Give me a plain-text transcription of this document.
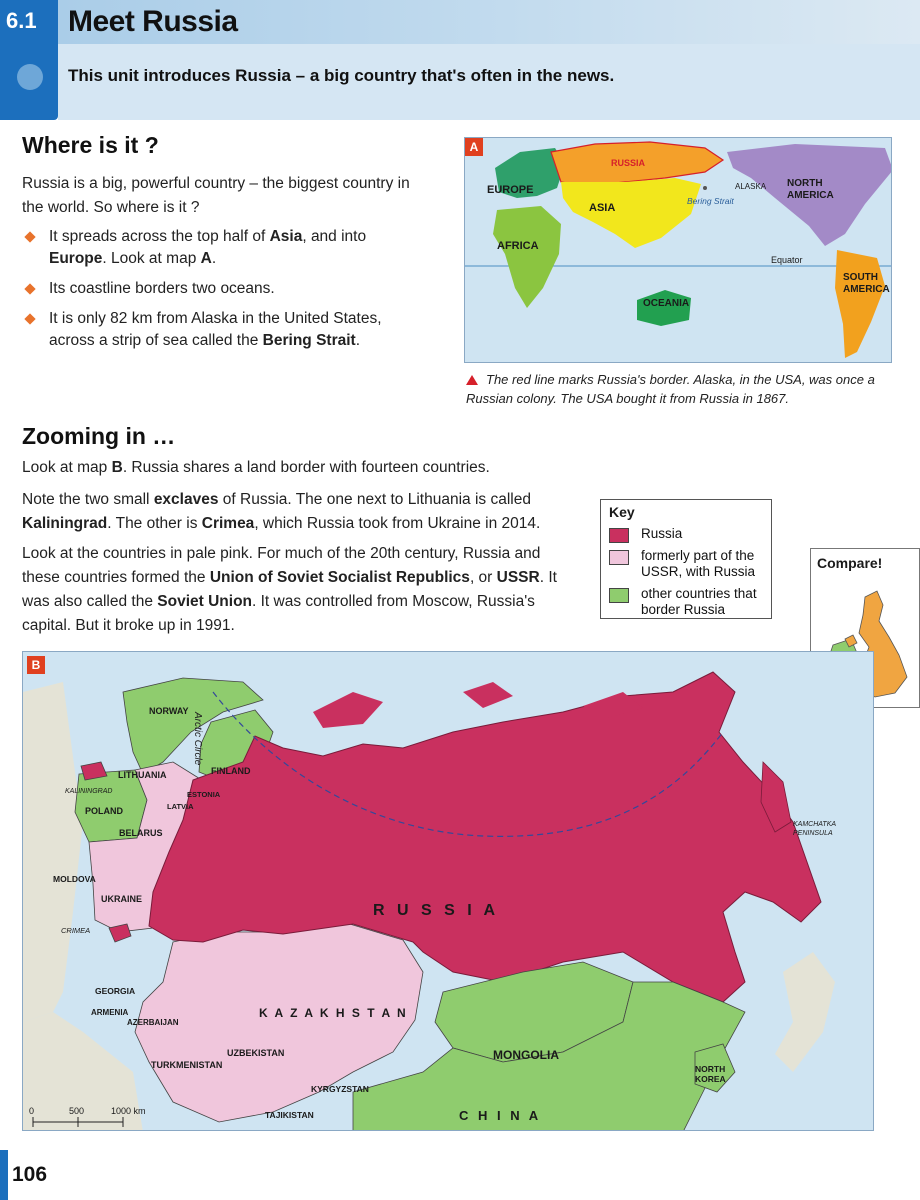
6.1 Meet Russia
This unit introduces Russia – a big country that's often in the news.
Where is it ?

Russia is a big, powerful country – the biggest country in the world. So where is it ?

It spreads across the top half of Asia, and into Europe. Look at map A.
Its coastline borders two oceans.
It is only 82 km from Alaska in the United States, across a strip of sea called the Bering Strait.
A
EUROPE
RUSSIA
ASIA
AFRICA
OCEANIA
NORTH AMERICA
SOUTH AMERICA
ALASKA
Bering Strait
Equator
The red line marks Russia's border. Alaska, in the USA, was once a Russian colony. The USA bought it from Russia in 1867.
Zooming in …

Look at map B. Russia shares a land border with fourteen countries.

Note the two small exclaves of Russia. The one next to Lithuania is called Kaliningrad. The other is Crimea, which Russia took from Ukraine in 2014.

Look at the countries in pale pink. For much of the 20th century, Russia and these countries formed the Union of Soviet Socialist Republics, or USSR. It was also called the Soviet Union. It was controlled from Moscow, Russia's capital. But it broke up in 1991.

Key
Russia
formerly part of the USSR, with Russia
other countries that border Russia
Compare!
B
Arctic Circle
NORWAY
FINLAND
LITHUANIA
KALININGRAD	ESTONIA
LATVIA
POLAND
BELARUS
MOLDOVA
UKRAINE
CRIMEA
R U S S I A
GEORGIA
ARMENIA
AZERBAIJAN
K A Z A K H S T A N
UZBEKISTAN
TURKMENISTAN
KYRGYZSTAN
TAJIKISTAN
MONGOLIA
C H I N A
NORTH KOREA
KAMCHATKA PENINSULA
0	500	1000 km
106
